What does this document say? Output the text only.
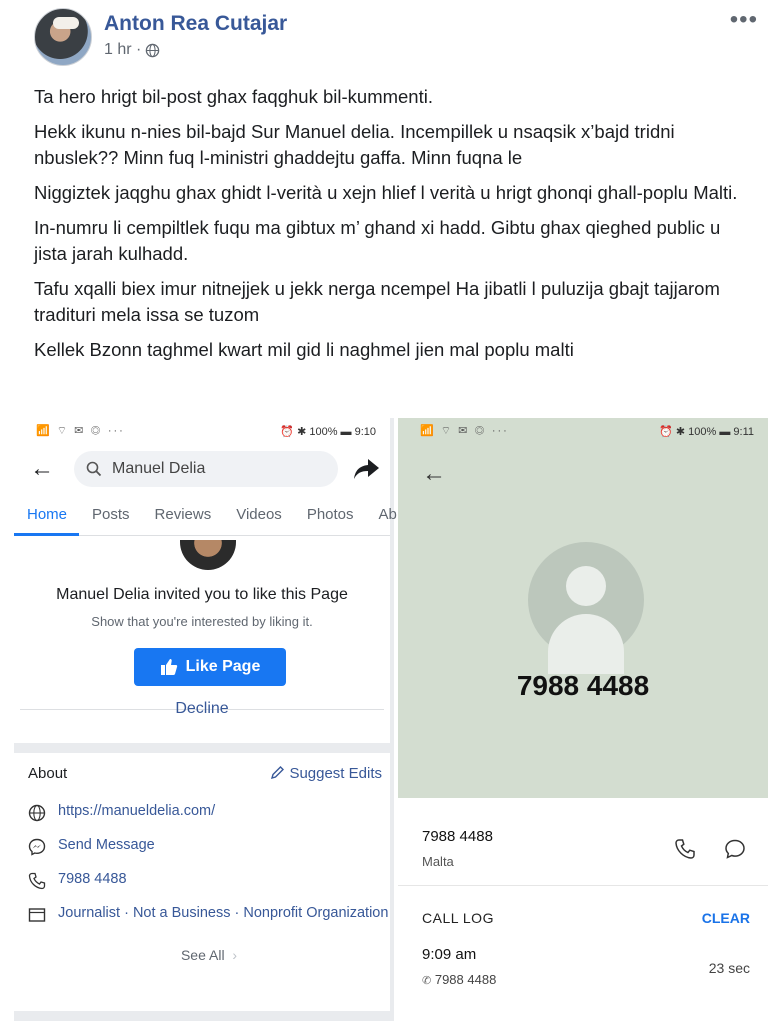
Anton Rea Cutajar
1 hr ·
•••

Ta hero hrigt bil-post ghax faqghuk bil-kummenti.

Hekk ikunu n-nies bil-bajd Sur Manuel delia. Incempillek u nsaqsik x’bajd tridni nbuslek?? Minn fuq l-ministri ghaddejtu gaffa. Minn fuqna le

Niggiztek jaqghu ghax ghidt l-verità u xejn hlief l verità u hrigt ghonqi ghall-poplu Malti.

In-numru li cempiltlek fuqu ma gibtux m’ ghand xi hadd. Gibtu ghax qieghed public u jista jarah kulhadd.

Tafu xqalli biex imur nitnejjek u jekk nerga ncempel Ha jibatli l puluzija gbajt tajjarom tradituri mela issa se tuzom

Kellek Bzonn taghmel kwart mil gid li naghmel jien mal poplu malti

📶 ⌔ ✉ ◎ ···	⏰ ✱ 100% ▬ 9:10
←	Manuel Delia
Home	Posts	Reviews	Videos	Photos	Ab
Manuel Delia invited you to like this Page
Show that you're interested by liking it.
Like Page
Decline
About	Suggest Edits
https://manueldelia.com/
Send Message
7988 4488
Journalist · Not a Business · Nonprofit Organization
See All  ›
📶 ⌔ ✉ ◎ ···	⏰ ✱ 100% ▬ 9:11
←
7988 4488
7988 4488
Malta
CALL LOG	CLEAR
9:09 am
✆ 7988 4488
23 sec
